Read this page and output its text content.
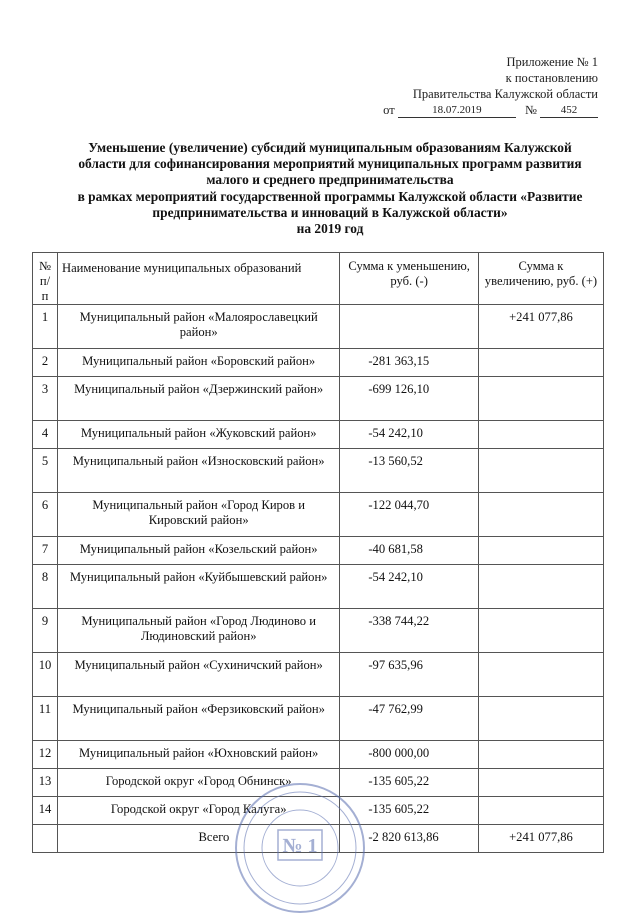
Приложение № 1
к постановлению
Правительства Калужской области
от	18.07.2019	№ 452
Уменьшение (увеличение) субсидий муниципальным образованиям Калужской
области для софинансирования мероприятий муниципальных программ развития
малого и среднего предпринимательства
в рамках мероприятий государственной программы Калужской области «Развитие
предпринимательства и инноваций в Калужской области»
на 2019 год
№ п/п	Наименование муниципальных образований	Сумма к уменьшению, руб. (-)	Сумма к увеличению, руб. (+)
1	Муниципальный район «Малоярославецкий район»		+241 077,86
2	Муниципальный район «Боровский район»	-281 363,15	
3	Муниципальный район «Дзержинский район»	-699 126,10	
4	Муниципальный район «Жуковский район»	-54 242,10	
5	Муниципальный район «Износковский район»	-13 560,52	
6	Муниципальный район «Город Киров и Кировский район»	-122 044,70	
7	Муниципальный район «Козельский район»	-40 681,58	
8	Муниципальный район «Куйбышевский район»	-54 242,10	
9	Муниципальный район «Город Людиново и Людиновский район»	-338 744,22	
10	Муниципальный район «Сухиничский район»	-97 635,96	
11	Муниципальный район «Ферзиковский район»	-47 762,99	
12	Муниципальный район «Юхновский район»	-800 000,00	
13	Городской округ «Город Обнинск»	-135 605,22	
14	Городской округ «Город Калуга»	-135 605,22	
	Всего	-2 820 613,86	+241 077,86
№ 1
